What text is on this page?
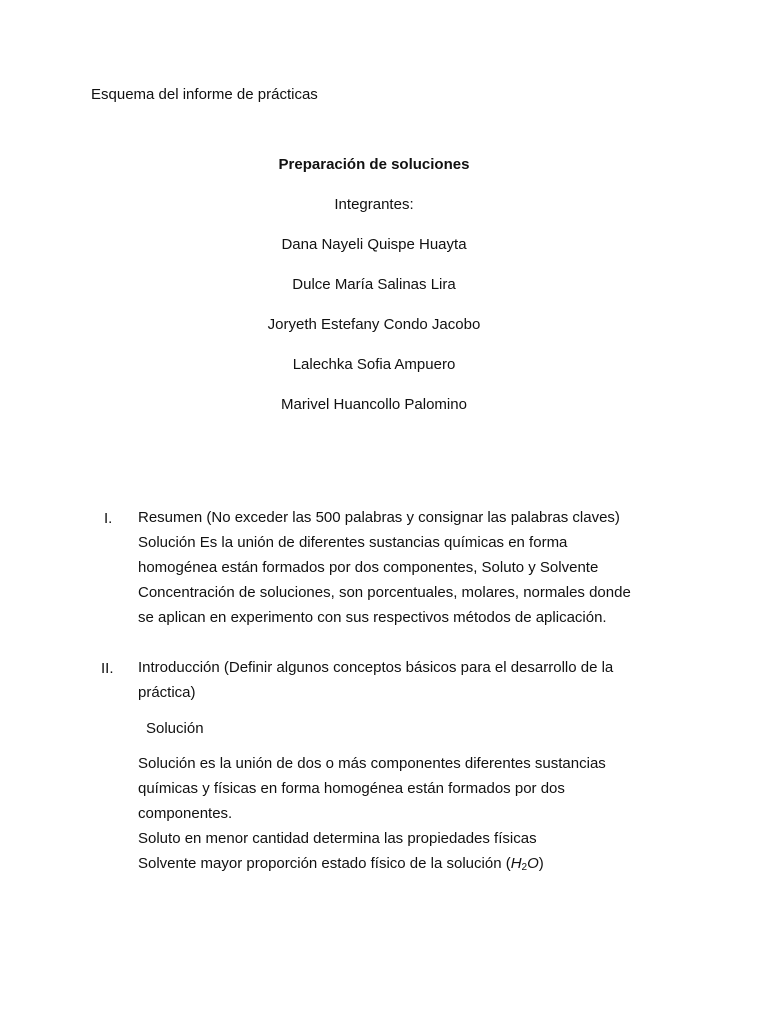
Esquema del informe de prácticas
Preparación de soluciones
Integrantes:
Dana Nayeli Quispe Huayta
Dulce María Salinas Lira
Joryeth Estefany Condo Jacobo
Lalechka Sofia Ampuero
Marivel Huancollo Palomino
I. Resumen (No exceder las 500 palabras y consignar las palabras claves)
Solución Es la unión de diferentes sustancias químicas en forma
homogénea están formados por dos componentes, Soluto y Solvente
Concentración de soluciones, son porcentuales, molares, normales donde
se aplican en experimento con sus respectivos métodos de aplicación.
II. Introducción (Definir algunos conceptos básicos para el desarrollo de la
práctica)
Solución
Solución es la unión de dos o más componentes diferentes sustancias
químicas y físicas en forma homogénea están formados por dos
componentes.
Soluto en menor cantidad determina las propiedades físicas
Solvente mayor proporción estado físico de la solución $(H_2O)$
